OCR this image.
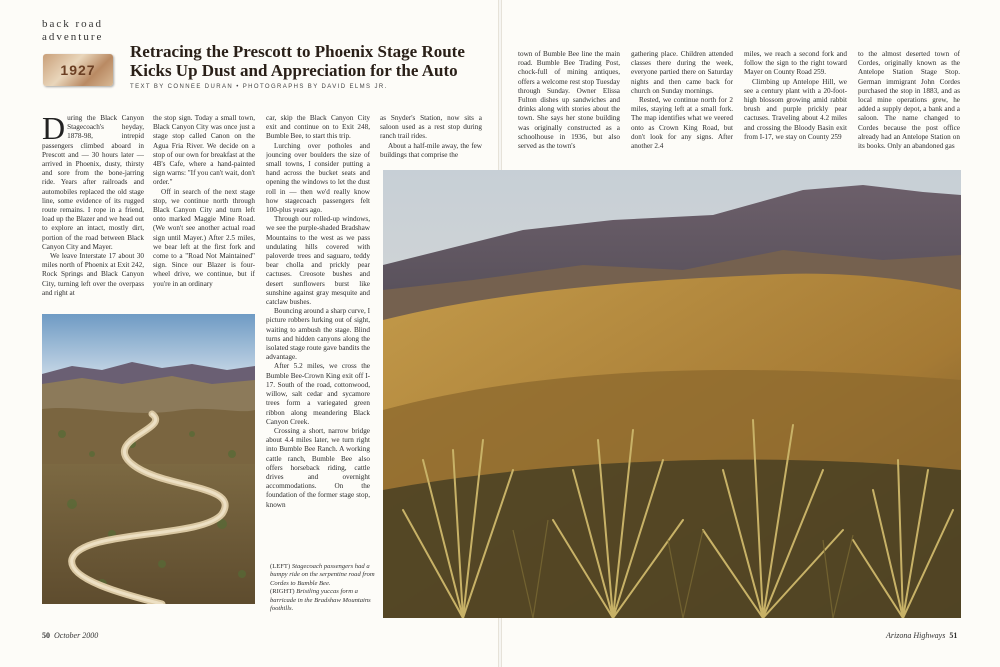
back road
adventure
1927
Retracing the Prescott to Phoenix Stage Route
Kicks Up Dust and Appreciation for the Auto
TEXT BY CONNEE DURAN • PHOTOGRAPHS BY DAVID ELMS JR.

During the Black Canyon Stagecoach's heyday, 1878-98, intrepid passengers climbed aboard in Prescott and — 30 hours later — arrived in Phoenix, dusty, thirsty and sore from the bone-jarring ride. Years after railroads and automobiles replaced the old stage line, some evidence of its rugged route remains. I rope in a friend, load up the Blazer and we head out to explore an intact, mostly dirt, portion of the road between Black Canyon City and Mayer.

We leave Interstate 17 about 30 miles north of Phoenix at Exit 242, Rock Springs and Black Canyon City, turning left over the overpass and right at

the stop sign. Today a small town, Black Canyon City was once just a stage stop called Canon on the Agua Fria River. We decide on a stop of our own for breakfast at the 4B's Cafe, where a hand-painted sign warns: "If you can't wait, don't order."

Off in search of the next stage stop, we continue north through Black Canyon City and turn left onto marked Maggie Mine Road. (We won't see another actual road sign until Mayer.) After 2.5 miles, we bear left at the first fork and come to a "Road Not Maintained" sign. Since our Blazer is four-wheel drive, we continue, but if you're in an ordinary

car, skip the Black Canyon City exit and continue on to Exit 248, Bumble Bee, to start this trip.

Lurching over potholes and jouncing over boulders the size of small towns, I consider putting a hand across the bucket seats and opening the windows to let the dust roll in — then we'd really know how stagecoach passengers felt 100-plus years ago.

Through our rolled-up windows, we see the purple-shaded Bradshaw Mountains to the west as we pass undulating hills covered with paloverde trees and saguaro, teddy bear cholla and prickly pear cactuses. Creosote bushes and desert sunflowers burst like sunshine against gray mesquite and catclaw bushes.

Bouncing around a sharp curve, I picture robbers lurking out of sight, waiting to ambush the stage. Blind turns and hidden canyons along the isolated stage route gave bandits the advantage.

After 5.2 miles, we cross the Bumble Bee-Crown King exit off I-17. South of the road, cottonwood, willow, salt cedar and sycamore trees form a variegated green ribbon along meandering Black Canyon Creek.

Crossing a short, narrow bridge about 4.4 miles later, we turn right into Bumble Bee Ranch. A working cattle ranch, Bumble Bee also offers horseback riding, cattle drives and overnight accommodations. On the foundation of the former stage stop, known

as Snyder's Station, now sits a saloon used as a rest stop during ranch trail rides.

About a half-mile away, the few buildings that comprise the

town of Bumble Bee line the main road. Bumble Bee Trading Post, chock-full of mining antiques, offers a welcome rest stop Tuesday through Sunday. Owner Elissa Fulton dishes up sandwiches and drinks along with stories about the town. She says her stone building was originally constructed as a schoolhouse in 1936, but also served as the town's

gathering place. Children attended classes there during the week, everyone partied there on Saturday nights and then came back for church on Sunday mornings.

Rested, we continue north for 2 miles, staying left at a small fork. The map identifies what we veered onto as Crown King Road, but don't look for any signs. After another 2.4

miles, we reach a second fork and follow the sign to the right toward Mayer on County Road 259.

Climbing up Antelope Hill, we see a century plant with a 20-foot-high blossom growing amid rabbit brush and purple prickly pear cactuses. Traveling about 4.2 miles and crossing the Bloody Basin exit from I-17, we stay on County 259

to the almost deserted town of Cordes, originally known as the Antelope Station Stage Stop. German immigrant John Cordes purchased the stop in 1883, and as local mine operations grew, he added a supply depot, a bank and a saloon. The name changed to Cordes because the post office already had an Antelope Station on its books. Only an abandoned gas

(LEFT) Stagecoach passengers had a bumpy ride on the serpentine road from Cordes to Bumble Bee.

(RIGHT) Bristling yuccas form a barricade in the Bradshaw Mountains foothills.

50 October 2000	Arizona Highways 51
